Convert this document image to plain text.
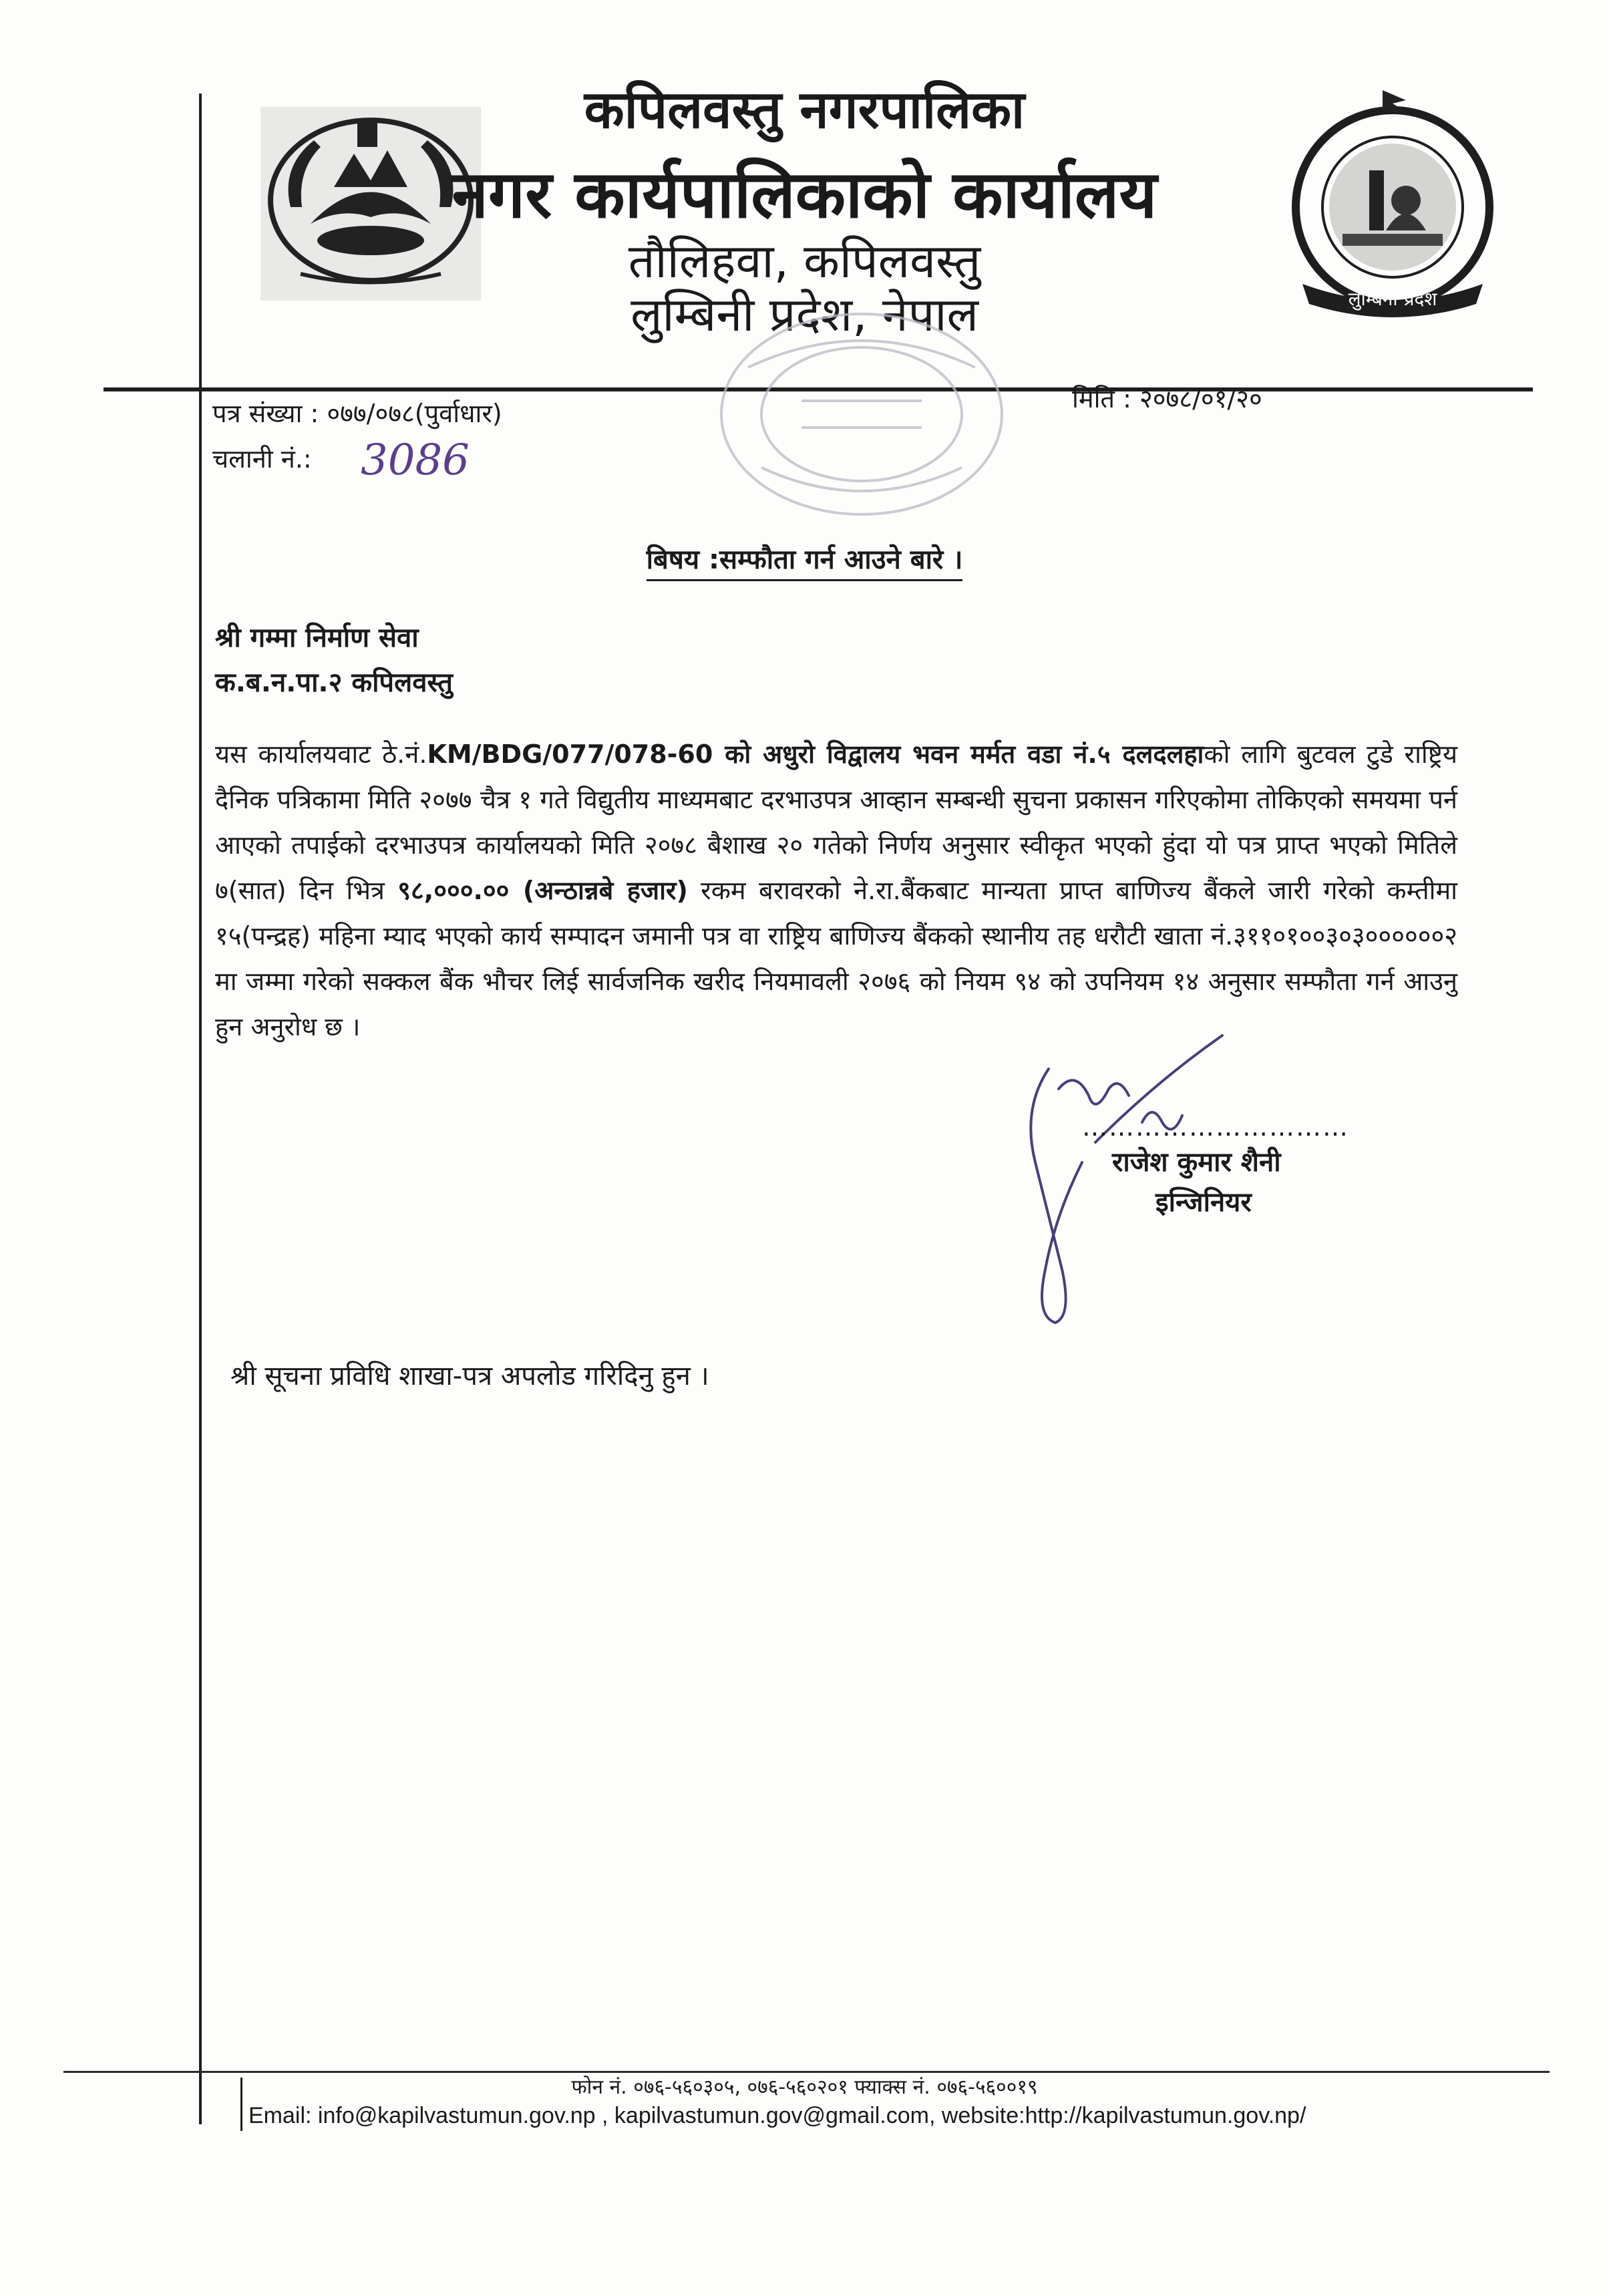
लुम्बिनी प्रदेश
कपिलवस्तु नगरपालिका
नगर कार्यपालिकाको कार्यालय
तौलिहवा, कपिलवस्तु
लुम्बिनी प्रदेश, नेपाल
पत्र संख्या : ०७७/०७८(पुर्वाधार)	मिति : २०७८/०१/२०
चलानी नं.: 3086
बिषय :सम्फौता गर्न आउने बारे ।
श्री गम्मा निर्माण सेवा
क.ब.न.पा.२ कपिलवस्तु
यस कार्यालयवाट ठे.नं.KM/BDG/077/078-60 को अधुरो विद्वालय भवन मर्मत वडा नं.५ दलदलहाको लागि बुटवल टुडे राष्ट्रिय दैनिक पत्रिकामा मिति २०७७ चैत्र १ गते विद्युतीय माध्यमबाट दरभाउपत्र आव्हान सम्बन्धी सुचना प्रकासन गरिएकोमा तोकिएको समयमा पर्न आएको तपाईको दरभाउपत्र कार्यालयको मिति २०७८ बैशाख २० गतेको निर्णय अनुसार स्वीकृत भएको हुंदा यो पत्र प्राप्त भएको मितिले ७(सात) दिन भित्र ९८,०००.०० (अन्ठान्नबे हजार) रकम बरावरको ने.रा.बैंकबाट मान्यता प्राप्त बाणिज्य बैंकले जारी गरेको कम्तीमा १५(पन्द्रह) महिना म्याद भएको कार्य सम्पादन जमानी पत्र वा राष्ट्रिय बाणिज्य बैंकको स्थानीय तह धरौटी खाता नं.३११०१००३०३००००००२ मा जम्मा गरेको सक्कल बैंक भौचर लिई सार्वजनिक खरीद नियमावली २०७६ को नियम ९४ को उपनियम १४ अनुसार सम्फौता गर्न आउनु हुन अनुरोध छ ।
…………………………
राजेश कुमार शैनी
इन्जिनियर
श्री सूचना प्रविधि शाखा-पत्र अपलोड गरिदिनु हुन ।
फोन नं. ०७६-५६०३०५, ०७६-५६०२०१ फ्याक्स नं. ०७६-५६००१९
Email: info@kapilvastumun.gov.np , kapilvastumun.gov@gmail.com, website:http://kapilvastumun.gov.np/
